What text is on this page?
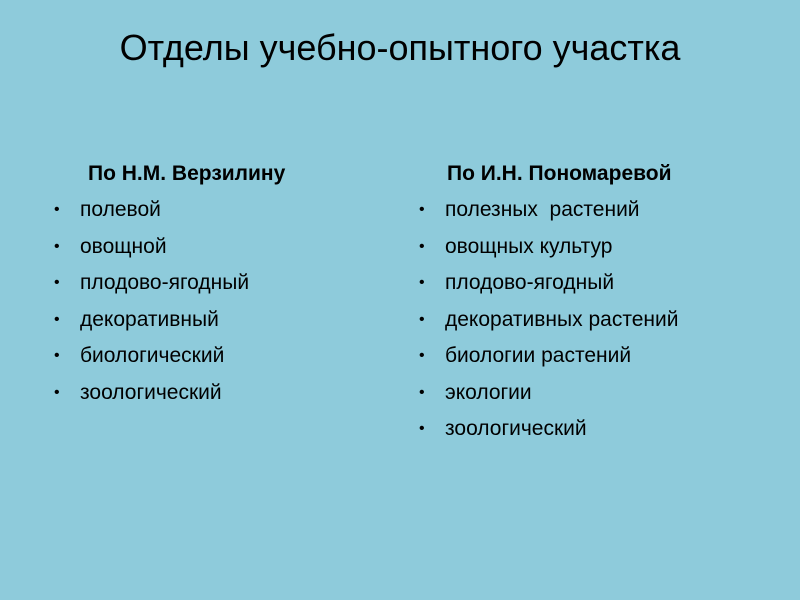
Отделы учебно-опытного участка

По Н.М. Верзилину

• полевой
• овощной
• плодово-ягодный
• декоративный
• биологический
• зоологический

По И.Н. Пономаревой

• полезных  растений
• овощных культур
• плодово-ягодный
• декоративных растений
• биологии растений
• экологии
• зоологический
